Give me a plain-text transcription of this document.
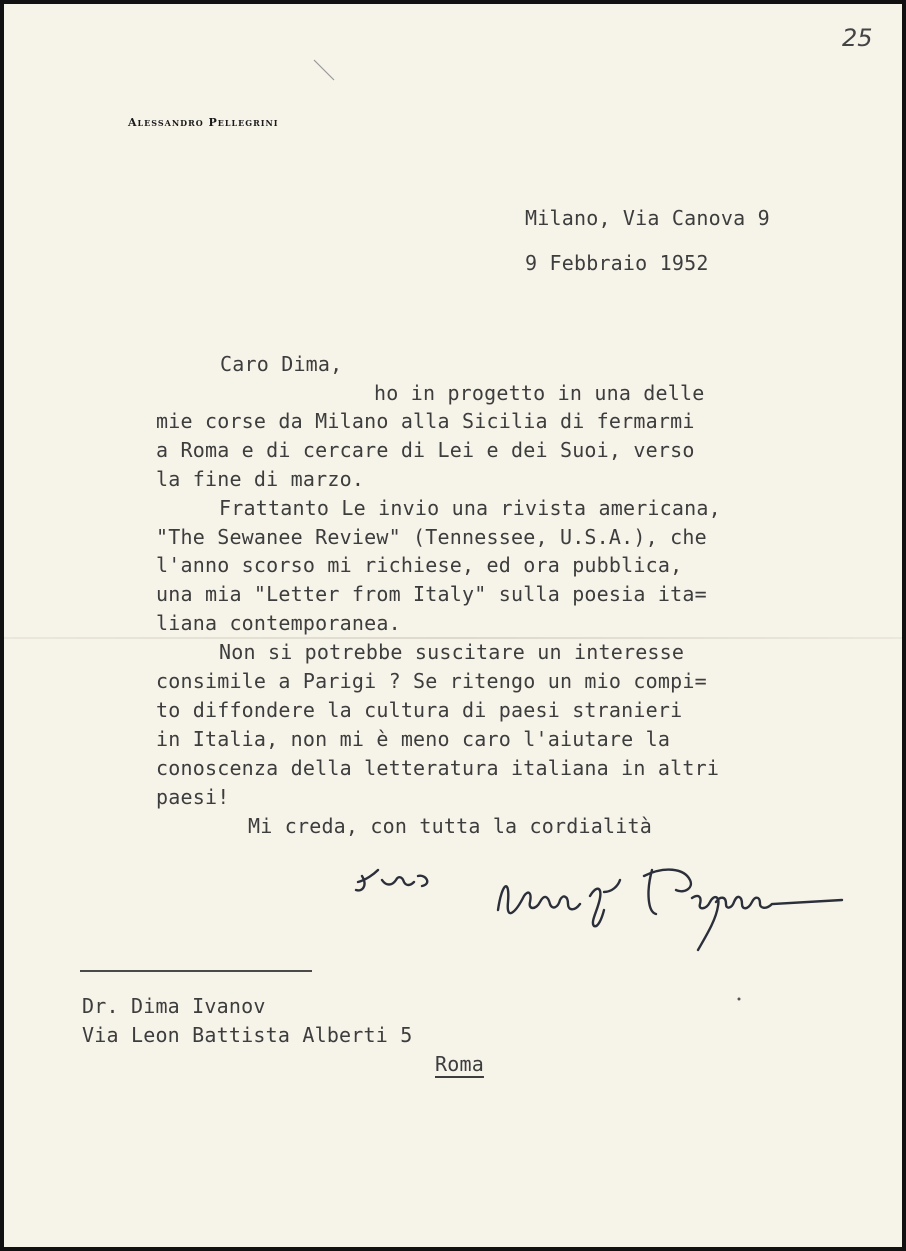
25
Alessandro Pellegrini
Milano, Via Canova 9
9 Febbraio 1952
Caro Dima,
ho in progetto in una delle
mie corse da Milano alla Sicilia di fermarmi
a Roma e di cercare di Lei e dei Suoi, verso
la fine di marzo.
Frattanto Le invio una rivista americana,
"The Sewanee Review" (Tennessee, U.S.A.), che
l'anno scorso mi richiese, ed ora pubblica,
una mia "Letter from Italy" sulla poesia ita=
liana contemporanea.
Non si potrebbe suscitare un interesse
consimile a Parigi ? Se ritengo un mio compi=
to diffondere la cultura di paesi stranieri
in Italia, non mi è meno caro l'aiutare la
conoscenza della letteratura italiana in altri
paesi!
Mi creda, con tutta la cordialità
Dr. Dima Ivanov
Via Leon Battista Alberti 5
Roma
